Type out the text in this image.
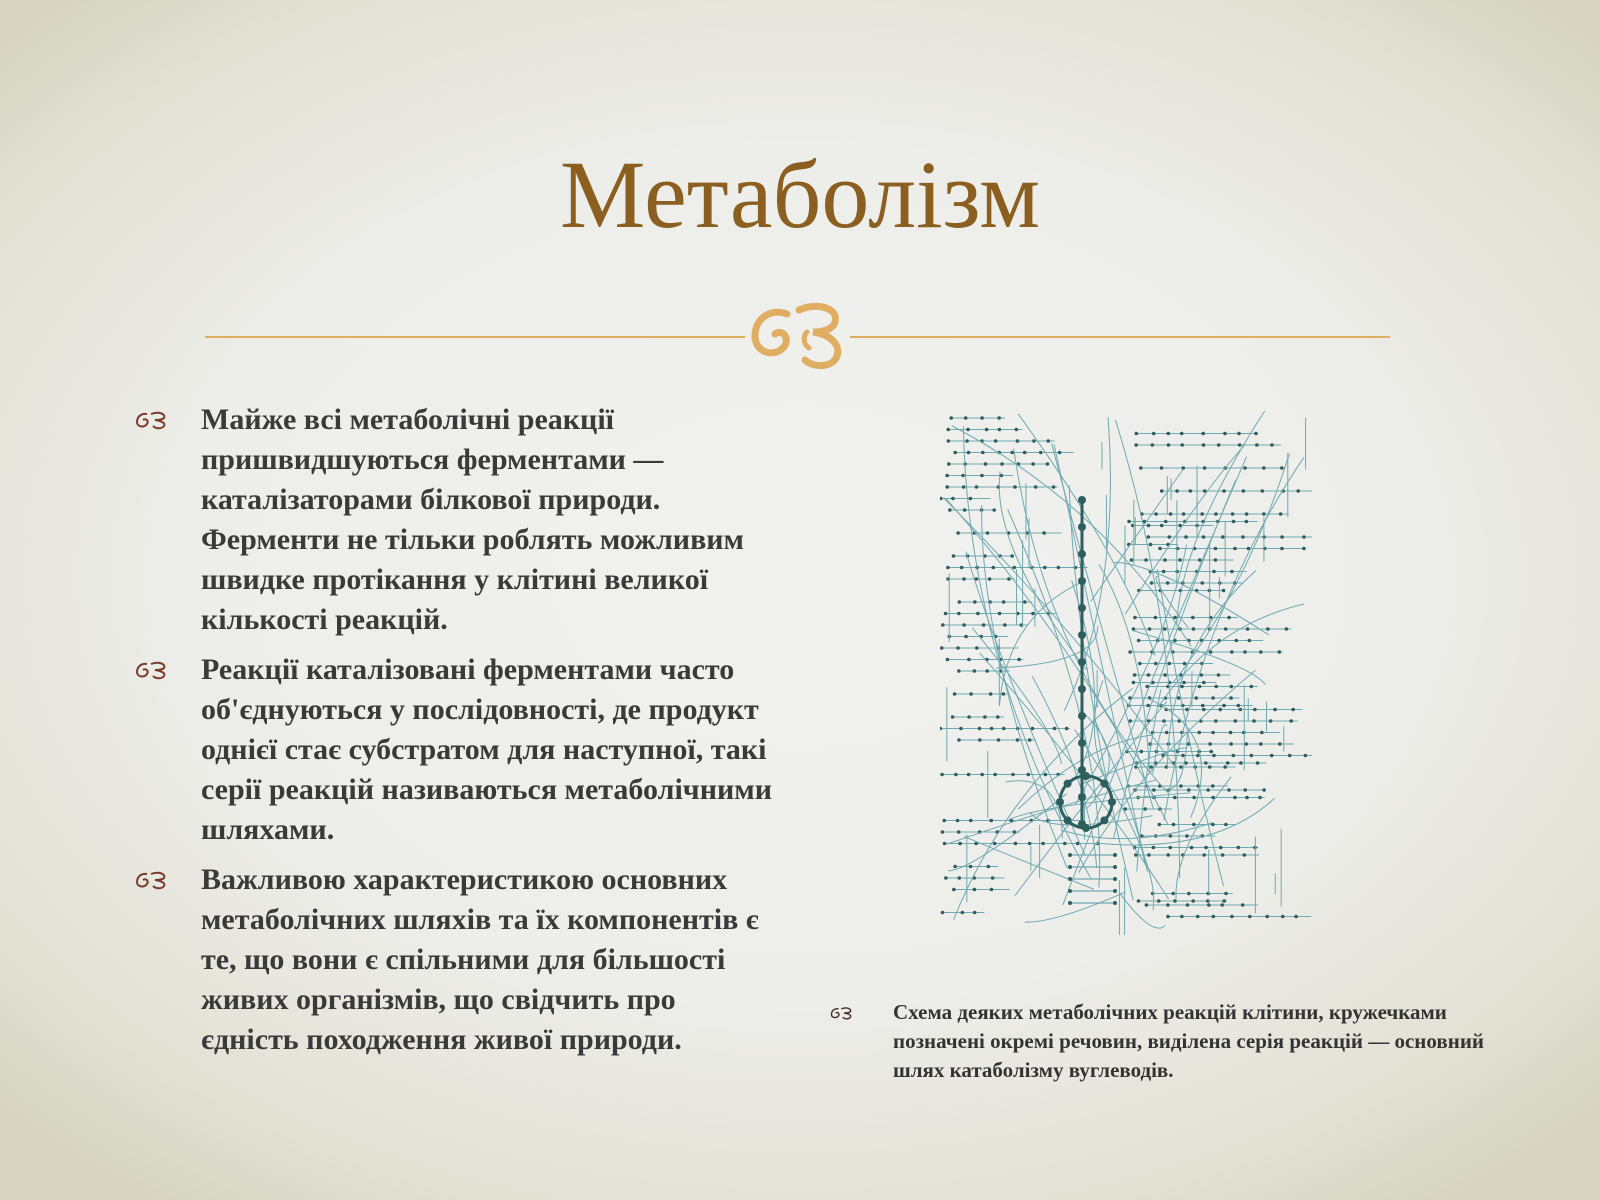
Метаболізм
Майже всі метаболічні реакції пришвидшуються ферментами — каталізаторами білкової природи. Ферменти не тільки роблять можливим швидке протікання у клітині великої кількості реакцій.
Реакції каталізовані ферментами часто об'єднуються у послідовності, де продукт однієї стає субстратом для наступної, такі серії реакцій називаються метаболічними шляхами.
Важливою характеристикою основних метаболічних шляхів та їх компонентів є те, що вони є спільними для більшості живих організмів, що свідчить про єдність походження живої природи.
Схема деяких метаболічних реакцій клітини, кружечками позначені окремі речовин, виділена серія реакцій — основний шлях катаболізму вуглеводів.
